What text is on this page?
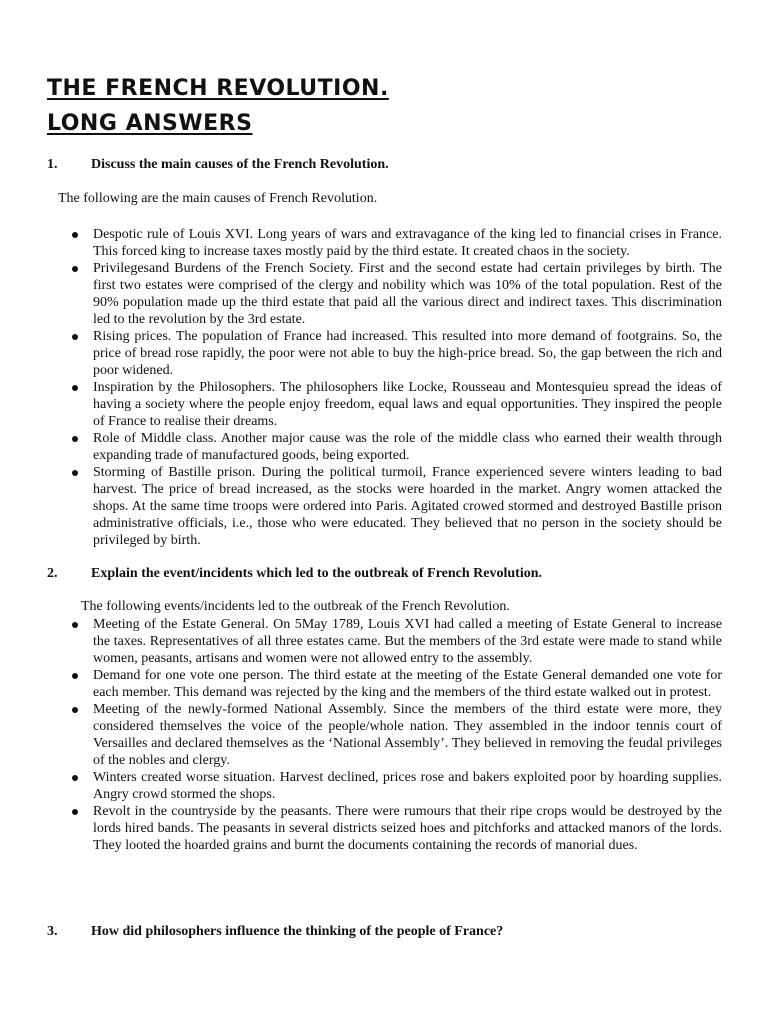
THE FRENCH REVOLUTION.
LONG ANSWERS
1. Discuss the main causes of the French Revolution.
The following are the main causes of French Revolution.
Despotic rule of Louis XVI. Long years of wars and extravagance of the king led to financial crises in France. This forced king to increase taxes mostly paid by the third estate. It created chaos in the society.
Privilegesand Burdens of the French Society. First and the second estate had certain privileges by birth. The first two estates were comprised of the clergy and nobility which was 10% of the total population. Rest of the 90% population made up the third estate that paid all the various direct and indirect taxes. This discrimination led to the revolution by the 3rd estate.
Rising prices. The population of France had increased. This resulted into more demand of footgrains. So, the price of bread rose rapidly, the poor were not able to buy the high-price bread. So, the gap between the rich and poor widened.
Inspiration by the Philosophers. The philosophers like Locke, Rousseau and Montesquieu spread the ideas of having a society where the people enjoy freedom, equal laws and equal opportunities. They inspired the people of France to realise their dreams.
Role of Middle class. Another major cause was the role of the middle class who earned their wealth through expanding trade of manufactured goods, being exported.
Storming of Bastille prison. During the political turmoil, France experienced severe winters leading to bad harvest. The price of bread increased, as the stocks were hoarded in the market. Angry women attacked the shops. At the same time troops were ordered into Paris. Agitated crowed stormed and destroyed Bastille prison administrative officials, i.e., those who were educated. They believed that no person in the society should be privileged by birth.
2. Explain the event/incidents which led to the outbreak of French Revolution.
The following events/incidents led to the outbreak of the French Revolution.
Meeting of the Estate General. On 5May 1789, Louis XVI had called a meeting of Estate General to increase the taxes. Representatives of all three estates came. But the members of the 3rd estate were made to stand while women, peasants, artisans and women were not allowed entry to the assembly.
Demand for one vote one person. The third estate at the meeting of the Estate General demanded one vote for each member. This demand was rejected by the king and the members of the third estate walked out in protest.
Meeting of the newly-formed National Assembly. Since the members of the third estate were more, they considered themselves the voice of the people/whole nation. They assembled in the indoor tennis court of Versailles and declared themselves as the ‘National Assembly’. They believed in removing the feudal privileges of the nobles and clergy.
Winters created worse situation. Harvest declined, prices rose and bakers exploited poor by hoarding supplies. Angry crowd stormed the shops.
Revolt in the countryside by the peasants. There were rumours that their ripe crops would be destroyed by the lords hired bands. The peasants in several districts seized hoes and pitchforks and attacked manors of the lords. They looted the hoarded grains and burnt the documents containing the records of manorial dues.
3. How did philosophers influence the thinking of the people of France?
